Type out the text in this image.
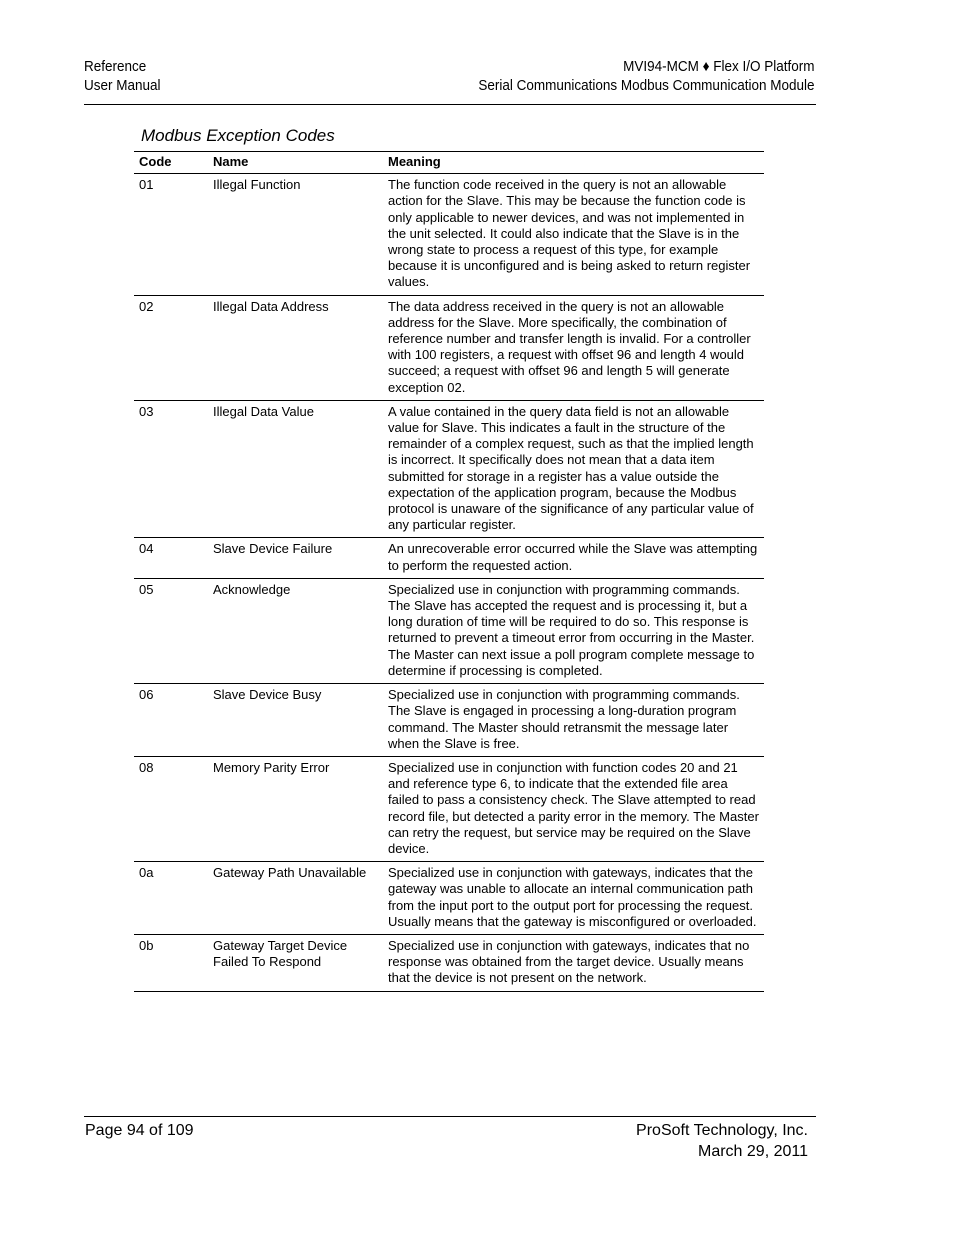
Reference
User Manual
MVI94-MCM ♦ Flex I/O Platform
Serial Communications Modbus Communication Module
Modbus Exception Codes
Code	Name	Meaning
01	Illegal Function	The function code received in the query is not an allowable action for the Slave. This may be because the function code is only applicable to newer devices, and was not implemented in the unit selected. It could also indicate that the Slave is in the wrong state to process a request of this type, for example because it is unconfigured and is being asked to return register values.
02	Illegal Data Address	The data address received in the query is not an allowable address for the Slave. More specifically, the combination of reference number and transfer length is invalid. For a controller with 100 registers, a request with offset 96 and length 4 would succeed; a request with offset 96 and length 5 will generate exception 02.
03	Illegal Data Value	A value contained in the query data field is not an allowable value for Slave. This indicates a fault in the structure of the remainder of a complex request, such as that the implied length is incorrect. It specifically does not mean that a data item submitted for storage in a register has a value outside the expectation of the application program, because the Modbus protocol is unaware of the significance of any particular value of any particular register.
04	Slave Device Failure	An unrecoverable error occurred while the Slave was attempting to perform the requested action.
05	Acknowledge	Specialized use in conjunction with programming commands. The Slave has accepted the request and is processing it, but a long duration of time will be required to do so. This response is returned to prevent a timeout error from occurring in the Master. The Master can next issue a poll program complete message to determine if processing is completed.
06	Slave Device Busy	Specialized use in conjunction with programming commands. The Slave is engaged in processing a long-duration program command. The Master should retransmit the message later when the Slave is free.
08	Memory Parity Error	Specialized use in conjunction with function codes 20 and 21 and reference type 6, to indicate that the extended file area failed to pass a consistency check. The Slave attempted to read record file, but detected a parity error in the memory. The Master can retry the request, but service may be required on the Slave device.
0a	Gateway Path Unavailable	Specialized use in conjunction with gateways, indicates that the gateway was unable to allocate an internal communication path from the input port to the output port for processing the request. Usually means that the gateway is misconfigured or overloaded.
0b	Gateway Target Device Failed To Respond	Specialized use in conjunction with gateways, indicates that no response was obtained from the target device. Usually means that the device is not present on the network.
Page 94 of 109	ProSoft Technology, Inc.
March 29, 2011
